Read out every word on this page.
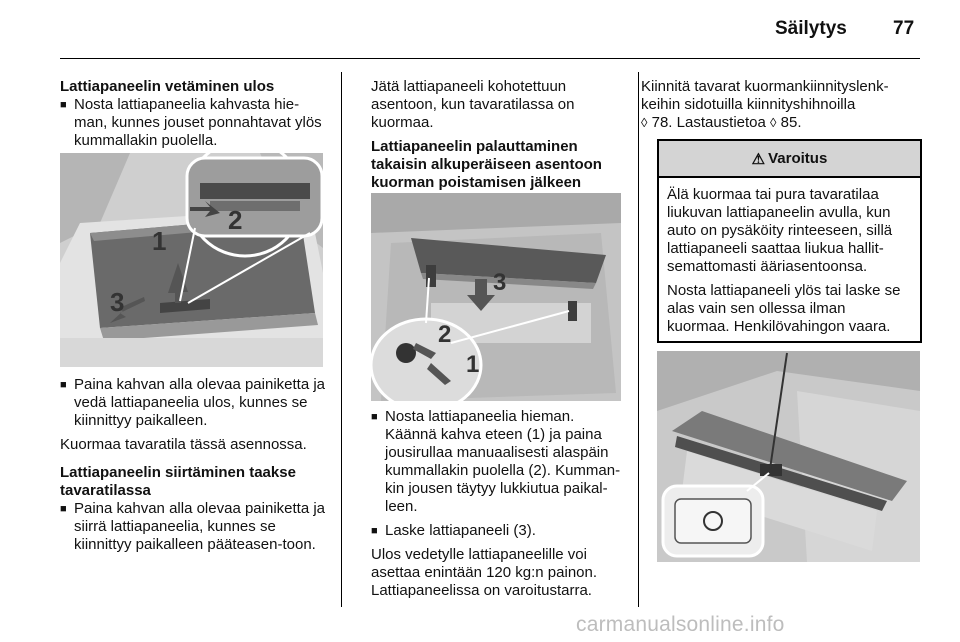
Säilytys 77
Lattiapaneelin vetäminen ulos
■ Nosta lattiapaneelia kahvasta hie-man, kunnes jouset ponnahtavat ylös kummallakin puolella.
■ Paina kahvan alla olevaa painiketta ja vedä lattiapaneelia ulos, kunnes se kiinnittyy paikalleen.
Kuormaa tavaratila tässä asennossa.
Lattiapaneelin siirtäminen taakse tavaratilassa
■ Paina kahvan alla olevaa painiketta ja siirrä lattiapaneelia, kunnes se kiinnittyy paikalleen pääteasen-toon.
1
2
3
Jätä lattiapaneeli kohotettuun asentoon, kun tavaratilassa on kuormaa.
Lattiapaneelin palauttaminen takaisin alkuperäiseen asentoon kuorman poistamisen jälkeen
■ Nosta lattiapaneelia hieman. Käännä kahva eteen (1) ja paina jousirullaa manuaalisesti alaspäin kummallakin puolella (2). Kumman-kin jousen täytyy lukkiutua paikal-leen.
■ Laske lattiapaneeli (3).
Ulos vedetylle lattiapaneelille voi asettaa enintään 120 kg:n painon. Lattiapaneelissa on varoitustarra.
3
2
1
Kiinnitä tavarat kuormankiinnityslenk-keihin sidotuilla kiinnityshihnoilla
◊ 78. Lastaustietoa ◊ 85.
⚠ Varoitus
Älä kuormaa tai pura tavaratilaa liukuvan lattiapaneelin avulla, kun auto on pysäköity rinteeseen, sillä lattiapaneeli saattaa liukua hallit-semattomasti ääriasentoonsa.
Nosta lattiapaneeli ylös tai laske se alas vain sen ollessa ilman kuormaa. Henkilövahingon vaara.
carmanualsonline.info
